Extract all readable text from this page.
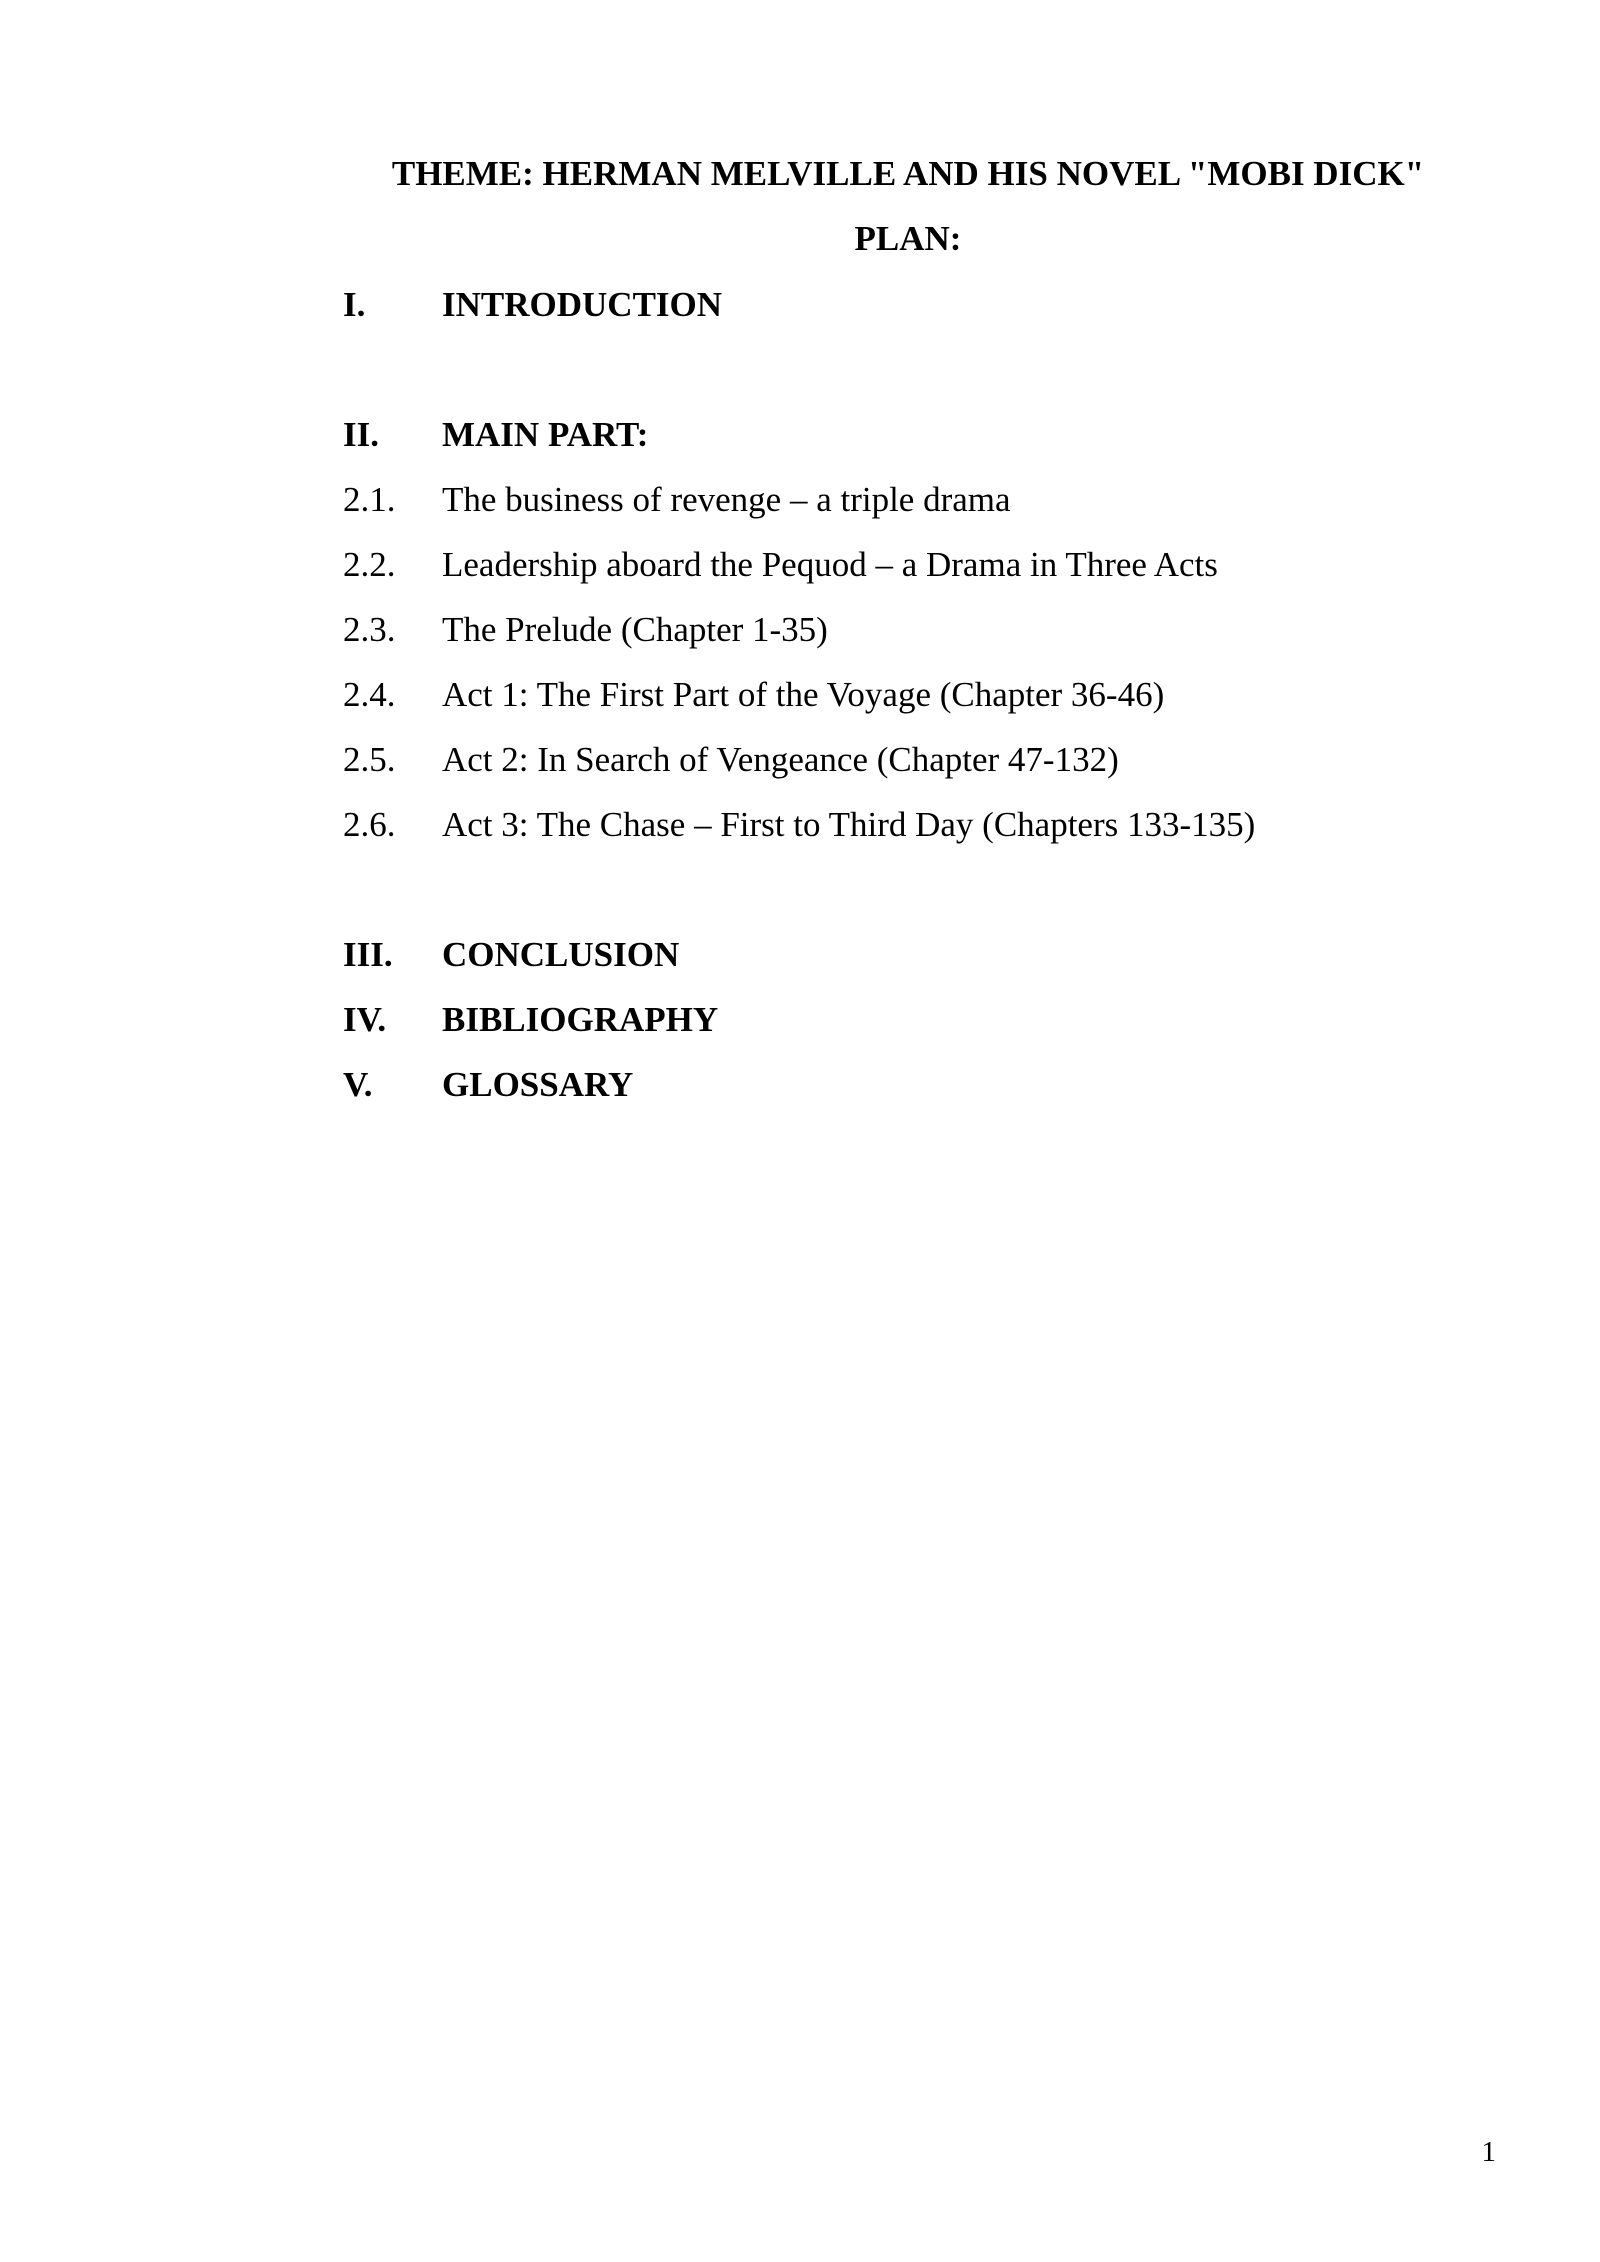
THEME: HERMAN MELVILLE AND HIS NOVEL "MOBI DICK"
PLAN:
I. INTRODUCTION
II. MAIN PART:
2.1. The business of revenge – a triple drama
2.2. Leadership aboard the Pequod – a Drama in Three Acts
2.3. The Prelude (Chapter 1-35)
2.4. Act 1: The First Part of the Voyage (Chapter 36-46)
2.5. Act 2: In Search of Vengeance (Chapter 47-132)
2.6. Act 3: The Chase – First to Third Day (Chapters 133-135)
III. CONCLUSION
IV. BIBLIOGRAPHY
V. GLOSSARY
1
